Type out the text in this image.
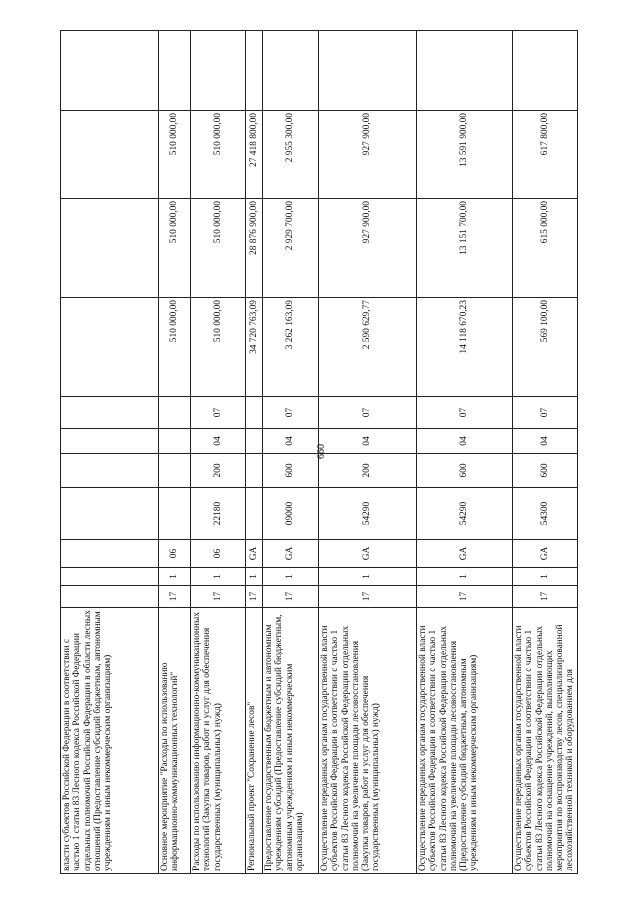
660
власти субъектов Российской Федерации в соответствии с частью 1 статьи 83 Лесного кодекса Российской Федерации отдельных полномочий Российской Федерации в области лесных отношений (Предоставление субсидий бюджетным, автономным учреждениям и иным некоммерческим организациям)											
Основное мероприятие "Расходы по использованию информационно-коммуникационных технологий"	17	1	06					510 000,00	510 000,00	510 000,00	
Расходы по использованию информационно-коммуникационных технологий (Закупка товаров, работ и услуг для обеспечения государственных (муниципальных) нужд)	17	1	06	22180	200	04	07	510 000,00	510 000,00	510 000,00	
Региональный проект "Сохранение лесов"	17	1	GA					34 720 763,09	28 876 900,00	27 418 800,00	
Предоставление государственным бюджетным и автономным учреждениям субсидий (Предоставление субсидий бюджетным, автономным учреждениям и иным некоммерческим организациям)	17	1	GA	09000	600	04	07	3 262 163,09	2 929 700,00	2 955 300,00	
Осуществление переданных органам государственной власти субъектов Российской Федерации в соответствии с частью 1 статьи 83 Лесного кодекса Российской Федерации отдельных полномочий на увеличение площади лесовосстановления (Закупка товаров, работ и услуг для обеспечения государственных (муниципальных) нужд)	17	1	GA	54290	200	04	07	2 590 629,77	927 900,00	927 900,00	
Осуществление переданных органам государственной власти субъектов Российской Федерации в соответствии с частью 1 статьи 83 Лесного кодекса Российской Федерации отдельных полномочий на увеличение площади лесовосстановления (Предоставление субсидий бюджетным, автономным учреждениям и иным некоммерческим организациям)	17	1	GA	54290	600	04	07	14 118 670,23	13 151 700,00	13 591 900,00	
Осуществление переданных органам государственной власти субъектов Российской Федерации в соответствии с частью 1 статьи 83 Лесного кодекса Российской Федерации отдельных полномочий на оснащение учреждений, выполняющих мероприятия по воспроизводству лесов, специализированной лесохозяйственной техникой и оборудованием для	17	1	GA	54300	600	04	07	569 100,00	615 000,00	617 800,00	
